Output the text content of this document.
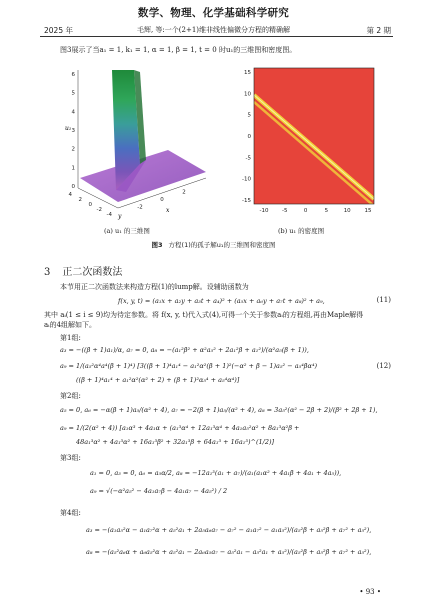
数学、物理、化学基础科学研究
2025 年	毛辉, 等:一个(2+1)维非线性偏微分方程的精确解	第 2 期
图3展示了当a₁ = 1, k₁ = 1, α = 1, β = 1, t = 0 时u₁的三维图和密度图。
6
5
4
3
2
1
0
u₁
4
2
0
-2
-4
-2
0
2
y
x
15
10
5
0
-5
-10
-15
-10 -5	0	5	10	15
(a) u₁ 的三维图	(b) u₁ 的密度图
图3 方程(1)的孤子解u₁的三维图和密度图
3 正二次函数法
本节用正二次函数法来构造方程(1)的lump解。设辅助函数为
f(x, y, t) = (a₁x + a₂y + a₃t + a₄)² + (a₅x + a₆y + a₇t + a₈)² + a₉,	(11)
其中 aᵢ(1 ≤ i ≤ 9)均为待定参数。将 f(x, y, t)代入式(4),可得一个关于参数aᵢ的方程组,再由Maple解得
aᵢ的4组解如下。
第1组:
a₃ = −((β + 1)a₁)/α, a₇ = 0, a₈ = −(a₁²β² + α²a₅² + 2a₁²β + a₁²)/(α²a₅(β + 1)),
a₉ = 1/(a₅²α⁴a⁴(β + 1)⁴) [3((β + 1)⁴a₁⁴ − a₁²α²(β + 1)²(−α² + β − 1)a₅² − a₅⁴βα⁴)	(12)
((β + 1)⁴a₁⁴ + a₁²α²(α² + 2) + (β + 1)²α₅⁴ + a₅⁴α⁴)]
第2组:
a₅ = 0, a₆ = −α(β + 1)a₅/(α² + 4), a₇ = −2(β + 1)a₅/(α² + 4), a₈ = 3a₅²(α² − 2β + 2)/(β² + 2β + 1),
a₉ = 1/(2(α² + 4)) [a₁α³ + 4a₁α + (a₁³α⁴ + 12a₁³α⁴ + 4a₁a₅²α² + 8a₁³α²β +
48a₁³α² + 4a₁³α² + 16a₁³β² + 32a₁³β + 64a₁³ + 16a₁³)^(1/2)]
第3组:
a₁ = 0, a₃ = 0, a₆ = a₅α/2, a₈ = −12a₁³(a₁ + a₇)/(a₁(a₁α² + 4a₁β + 4a₁ + 4a₅)),
a₉ = √(−α²a₅² − 4a₁a₇β − 4a₁a₇ − 4a₅²) / 2
第4组:
a₃ = −(a₁a₅²α − a₁a₇²α + a₅²a₁ + 2a₅a₆a₇ − a₇² − a₁a₇² − a₁a₅²)/(a₅²β + a₅²β + a₇² + a₅²),
a₈ = −(a₅²a₆α + a₆a₅²α + a₅²a₁ − 2a₆a₅a₇ − a₅²a₁ − a₅²a₁ + a₅²)/(a₅²β + a₅²β + a₇² + a₅²),
• 93 •
